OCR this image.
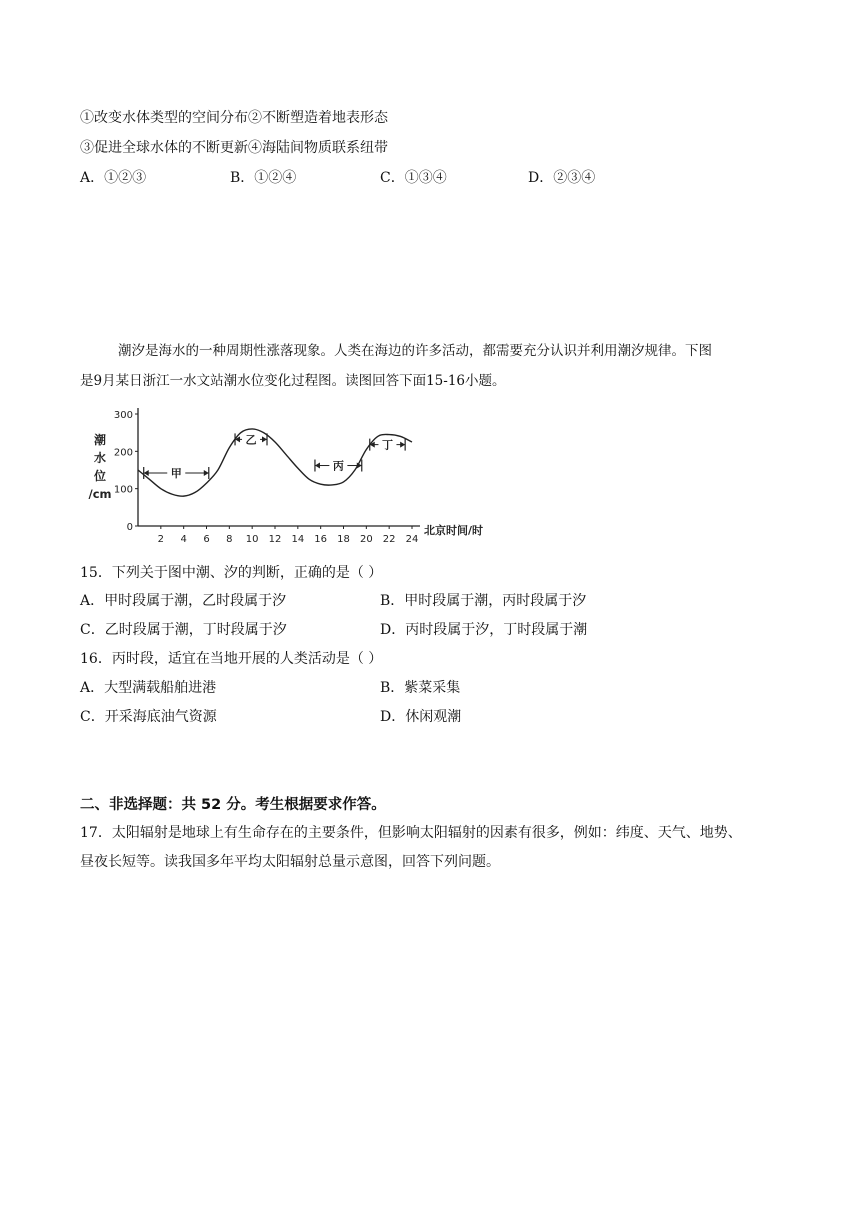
①改变水体类型的空间分布②不断塑造着地表形态
③促进全球水体的不断更新④海陆间物质联系纽带
A．①②③	B．①②④	C．①③④	D．②③④
潮汐是海水的一种周期性涨落现象。人类在海边的许多活动，都需要充分认识并利用潮汐规律。下图
是9月某日浙江一水文站潮水位变化过程图。读图回答下面15-16小题。
潮
水
位
/cm
北京时间/时
300
200
100
0
2 4 6 8 10 12 14 16 18 20 22 24
甲
乙
丙
丁
15．下列关于图中潮、汐的判断，正确的是（ ）
A．甲时段属于潮，乙时段属于汐	B．甲时段属于潮，丙时段属于汐
C．乙时段属于潮，丁时段属于汐	D．丙时段属于汐，丁时段属于潮
16．丙时段，适宜在当地开展的人类活动是（ ）
A．大型满载船舶进港	B．紫菜采集
C．开采海底油气资源	D．休闲观潮
二、非选择题：共 52 分。考生根据要求作答。
17．太阳辐射是地球上有生命存在的主要条件，但影响太阳辐射的因素有很多，例如：纬度、天气、地势、
昼夜长短等。读我国多年平均太阳辐射总量示意图，回答下列问题。
